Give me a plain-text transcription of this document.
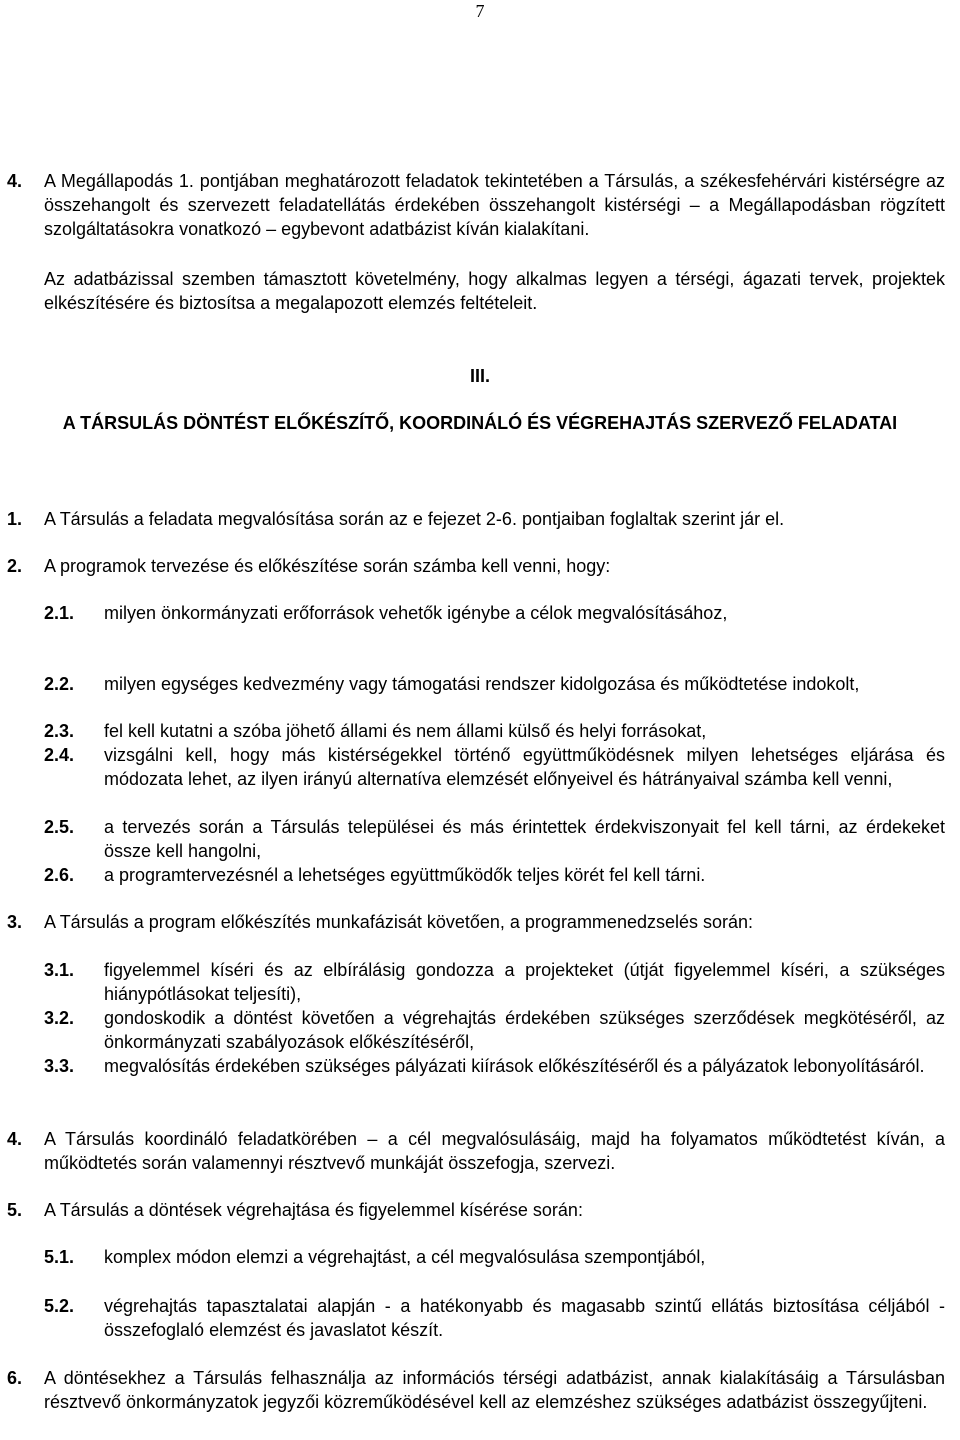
7
4. A Megállapodás 1. pontjában meghatározott feladatok tekintetében a Társulás, a székesfehérvári kistérségre az összehangolt és szervezett feladatellátás érdekében összehangolt kistérségi – a Megállapodásban rögzített szolgáltatásokra vonatkozó – egybevont adatbázist kíván kialakítani.
Az adatbázissal szemben támasztott követelmény, hogy alkalmas legyen a térségi, ágazati tervek, projektek elkészítésére és biztosítsa a megalapozott elemzés feltételeit.
III.
A TÁRSULÁS DÖNTÉST ELŐKÉSZÍTŐ, KOORDINÁLÓ ÉS VÉGREHAJTÁS SZERVEZŐ FELADATAI
1. A Társulás a feladata megvalósítása során az e fejezet 2-6. pontjaiban foglaltak szerint jár el.
2. A programok tervezése és előkészítése során számba kell venni, hogy:
2.1. milyen önkormányzati erőforrások vehetők igénybe a célok megvalósításához,
2.2. milyen egységes kedvezmény vagy támogatási rendszer kidolgozása és működtetése indokolt,
2.3. fel kell kutatni a szóba jöhető állami és nem állami külső és helyi forrásokat,
2.4. vizsgálni kell, hogy más kistérségekkel történő együttműködésnek milyen lehetséges eljárása és módozata lehet, az ilyen irányú alternatíva elemzését előnyeivel és hátrányaival számba kell venni,
2.5. a tervezés során a Társulás települései és más érintettek érdekviszonyait fel kell tárni, az érdekeket össze kell hangolni,
2.6. a programtervezésnél a lehetséges együttműködők teljes körét fel kell tárni.
3. A Társulás a program előkészítés munkafázisát követően, a programmenedzselés során:
3.1. figyelemmel kíséri és az elbírálásig gondozza a projekteket (útját figyelemmel kíséri, a szükséges hiánypótlásokat teljesíti),
3.2. gondoskodik a döntést követően a végrehajtás érdekében szükséges szerződések megkötéséről, az önkormányzati szabályozások előkészítéséről,
3.3. megvalósítás érdekében szükséges pályázati kiírások előkészítéséről és a pályázatok lebonyolításáról.
4. A Társulás koordináló feladatkörében – a cél megvalósulásáig, majd ha folyamatos működtetést kíván, a működtetés során valamennyi résztvevő munkáját összefogja, szervezi.
5. A Társulás a döntések végrehajtása és figyelemmel kísérése során:
5.1. komplex módon elemzi a végrehajtást, a cél megvalósulása szempontjából,
5.2. végrehajtás tapasztalatai alapján - a hatékonyabb és magasabb szintű ellátás biztosítása céljából - összefoglaló elemzést és javaslatot készít.
6. A döntésekhez a Társulás felhasználja az információs térségi adatbázist, annak kialakításáig a Társulásban résztvevő önkormányzatok jegyzői közreműködésével kell az elemzéshez szükséges adatbázist összegyűjteni.
